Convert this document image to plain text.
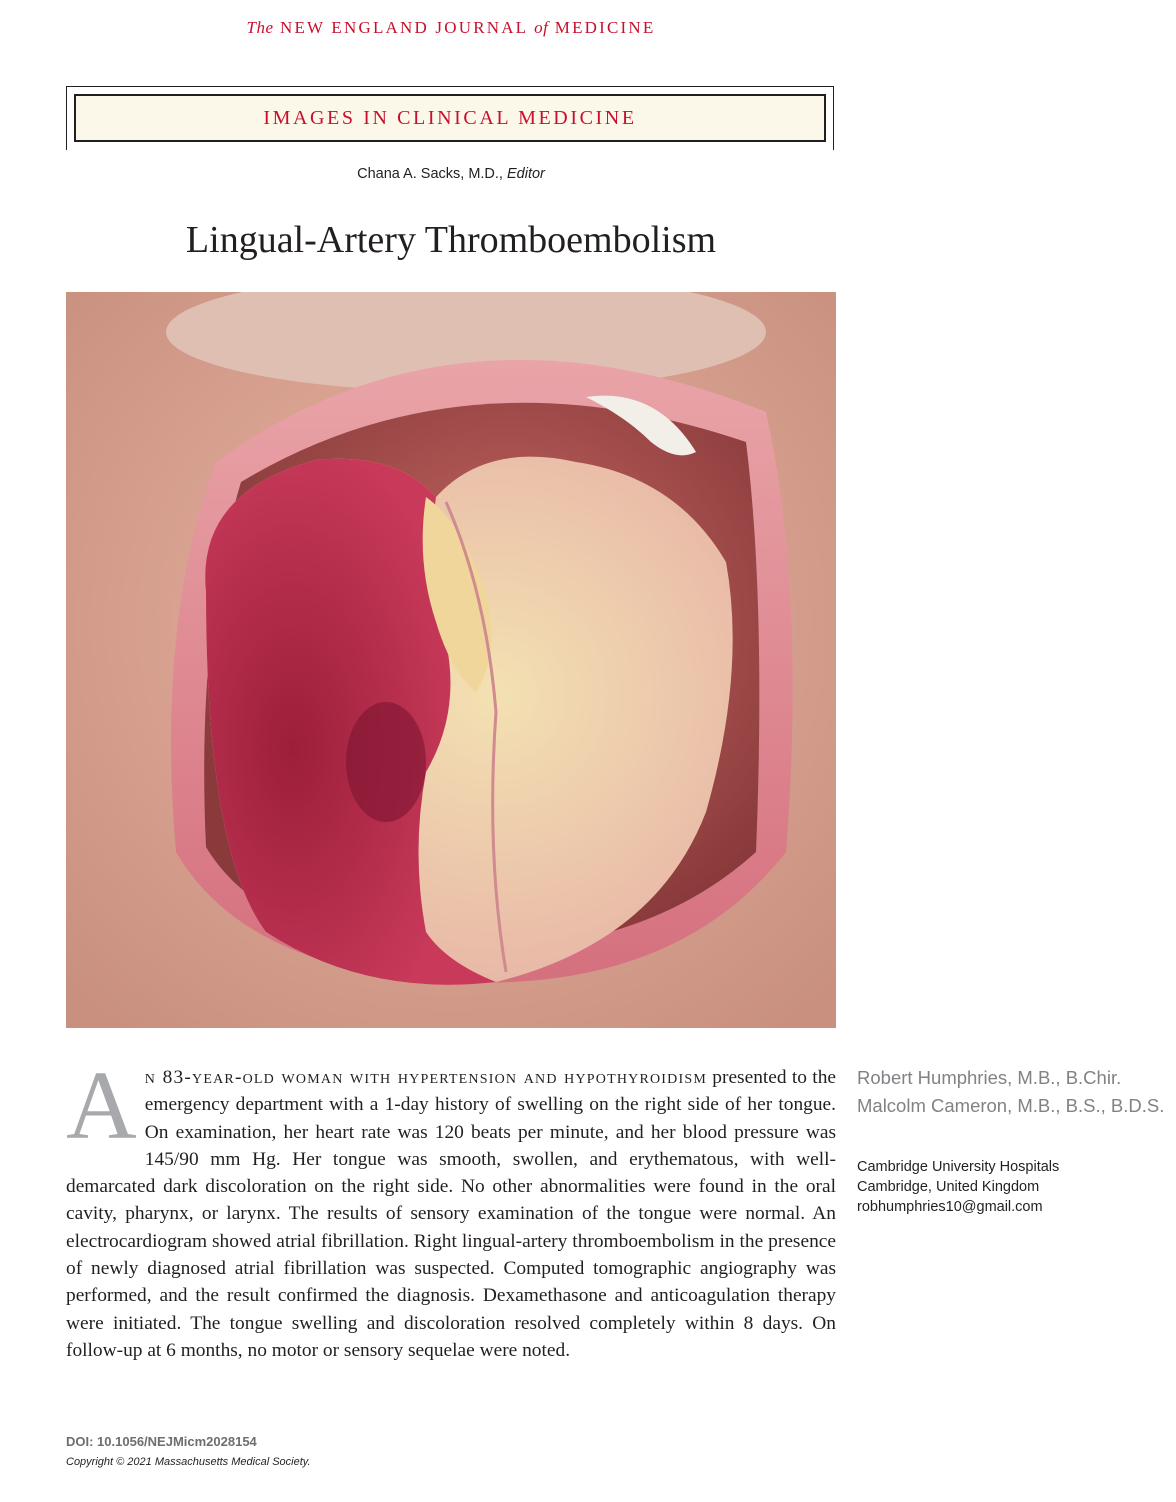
The NEW ENGLAND JOURNAL of MEDICINE
IMAGES IN CLINICAL MEDICINE
Chana A. Sacks, M.D., Editor
Lingual-Artery Thromboembolism
A n 83-year-old woman with hypertension and hypothyroidism presented to the emergency department with a 1-day history of swelling on the right side of her tongue. On examination, her heart rate was 120 beats per minute, and her blood pressure was 145/90 mm Hg. Her tongue was smooth, swollen, and erythematous, with well-demarcated dark discoloration on the right side. No other abnormalities were found in the oral cavity, pharynx, or larynx. The results of sensory examination of the tongue were normal. An electrocardiogram showed atrial fibrillation. Right lingual-artery thromboembolism in the presence of newly diagnosed atrial fibrillation was suspected. Computed tomographic angiography was performed, and the result confirmed the diagnosis. Dexamethasone and anticoagulation therapy were initiated. The tongue swelling and discoloration resolved completely within 8 days. On follow-up at 6 months, no motor or sensory sequelae were noted.
Robert Humphries, M.B., B.Chir.
Malcolm Cameron, M.B., B.S., B.D.S.
Cambridge University Hospitals
Cambridge, United Kingdom
robhumphries10@gmail.com
DOI: 10.1056/NEJMicm2028154
Copyright © 2021 Massachusetts Medical Society.
